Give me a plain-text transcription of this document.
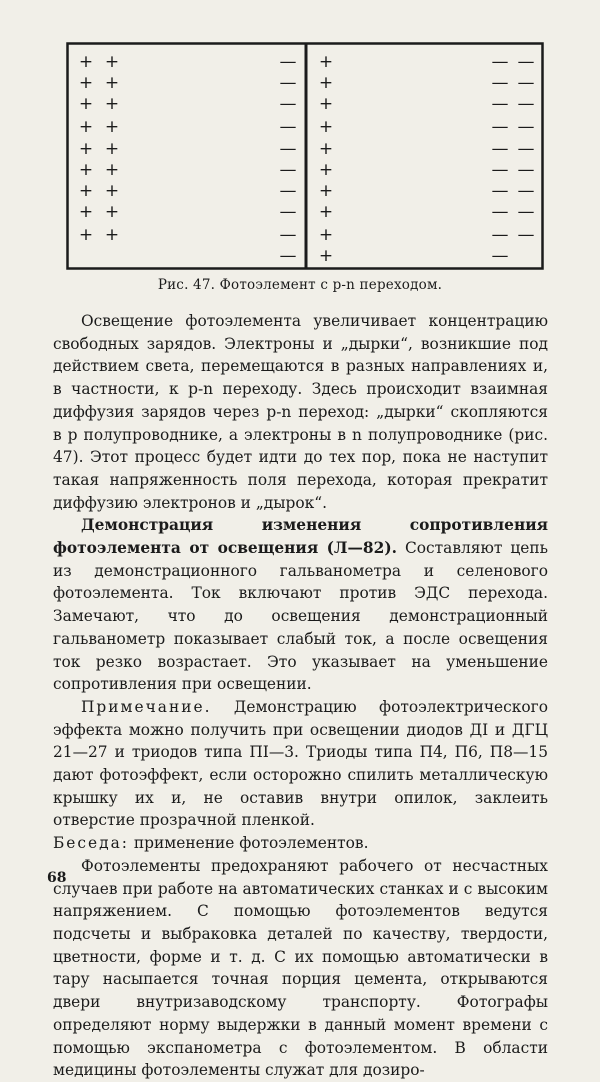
+ +
+ +
+ +
+ +
+ +
+ +
+ +
+ +
+ +
—
—
—
—
—
—
—
—
—
—
+
+
+
+
+
+
+
+
+
+
— —
— —
— —
— —
— —
— —
— —
— —
— —
—
Рис. 47. Фотоэлемент с p-n переходом.

Освещение фотоэлемента увеличивает концентрацию свободных зарядов. Электроны и „дырки“, возникшие под действием света, перемещаются в разных направлениях и, в частности, к p-n переходу. Здесь происходит взаимная диффузия зарядов через p-n переход: „дырки“ скопляются в p полупроводнике, а электроны в n полупроводнике (рис. 47). Этот процесс будет идти до тех пор, пока не наступит такая напряженность поля перехода, которая прекратит диффузию электронов и „дырок“.

Демонстрация изменения сопротивления фотоэлемента от освещения (Л—82). Составляют цепь из демонстрационного гальванометра и селенового фотоэлемента. Ток включают против ЭДС перехода. Замечают, что до освещения демонстрационный гальванометр показывает слабый ток, а после освещения ток резко возрастает. Это указывает на уменьшение сопротивления при освещении.

Примечание. Демонстрацию фотоэлектрического эффекта можно получить при освещении диодов ДI и ДГЦ 21—27 и триодов типа ПI—3. Триоды типа П4, П6, П8—15 дают фотоэффект, если осторожно спилить металлическую крышку их и, не оставив внутри опилок, заклеить отверстие прозрачной пленкой.

Беседа: применение фотоэлементов.

Фотоэлементы предохраняют рабочего от несчастных случаев при работе на автоматических станках и с высоким напряжением. С помощью фотоэлементов ведутся подсчеты и выбраковка деталей по качеству, твердости, цветности, форме и т. д. С их помощью автоматически в тару насыпается точная порция цемента, открываются двери внутризаводскому транспорту. Фотографы определяют норму выдержки в данный момент времени с помощью экспанометра с фотоэлементом. В области медицины фотоэлементы служат для дозиро-

68
